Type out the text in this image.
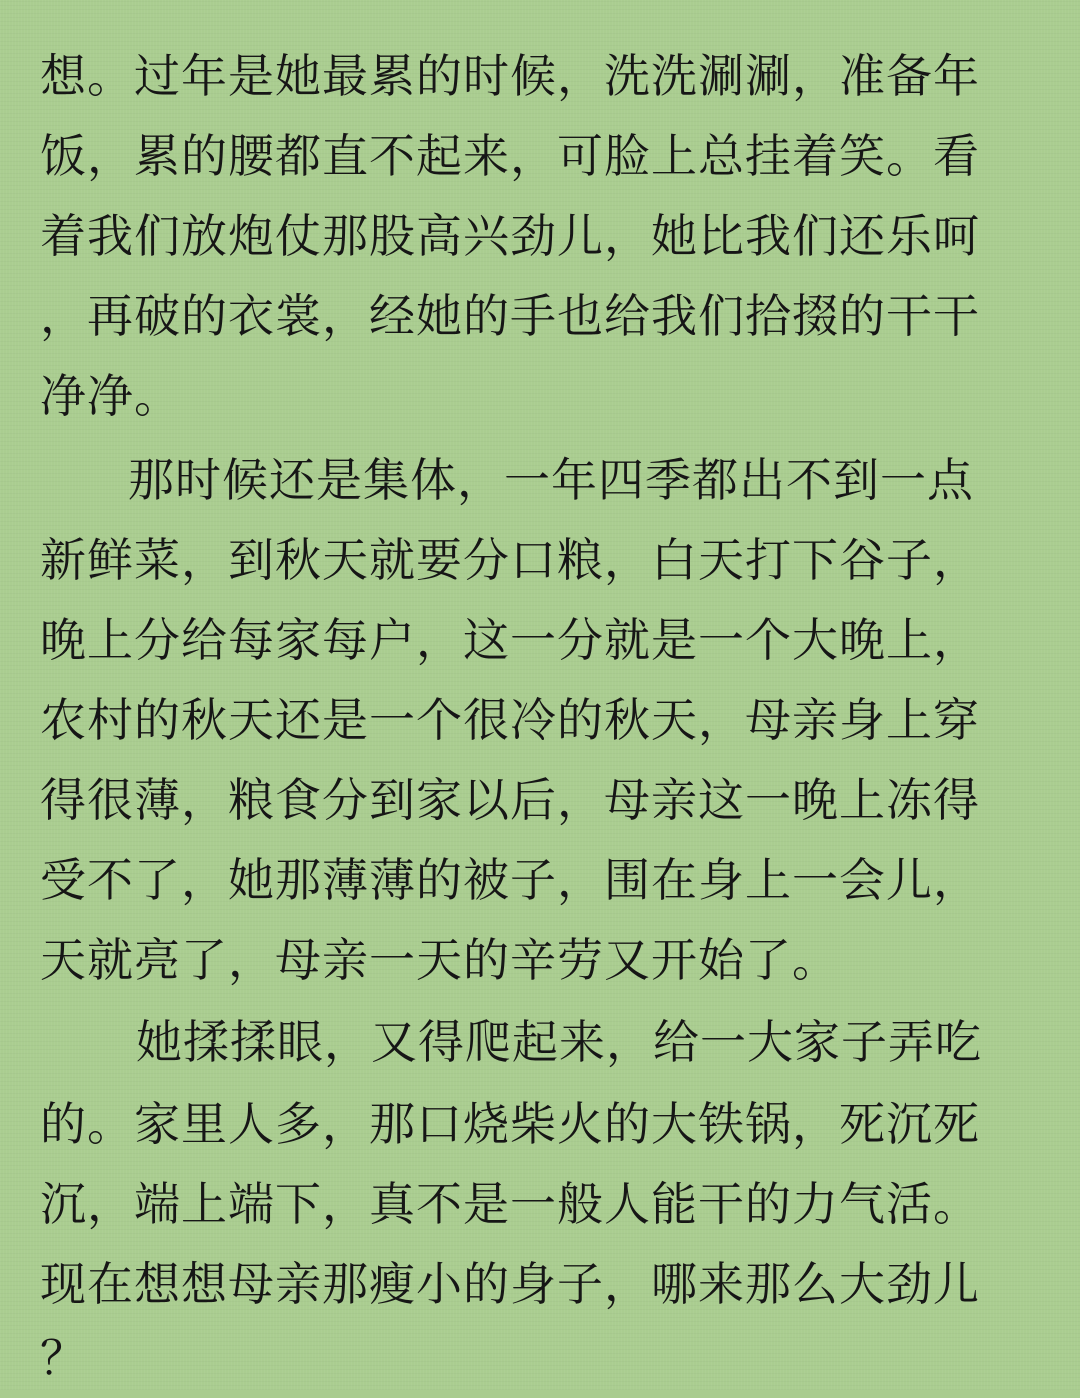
想。过年是她最累的时候，洗洗涮涮，准备年
饭，累的腰都直不起来，可脸上总挂着笑。看
着我们放炮仗那股高兴劲儿，她比我们还乐呵
，再破的衣裳，经她的手也给我们拾掇的干干
净净。
那时候还是集体，一年四季都出不到一点
新鲜菜，到秋天就要分口粮，白天打下谷子，
晚上分给每家每户，这一分就是一个大晚上，
农村的秋天还是一个很冷的秋天，母亲身上穿
得很薄，粮食分到家以后，母亲这一晚上冻得
受不了，她那薄薄的被子，围在身上一会儿，
天就亮了，母亲一天的辛劳又开始了。
她揉揉眼，又得爬起来，给一大家子弄吃
的。家里人多，那口烧柴火的大铁锅，死沉死
沉，端上端下，真不是一般人能干的力气活。
现在想想母亲那瘦小的身子，哪来那么大劲儿
？
